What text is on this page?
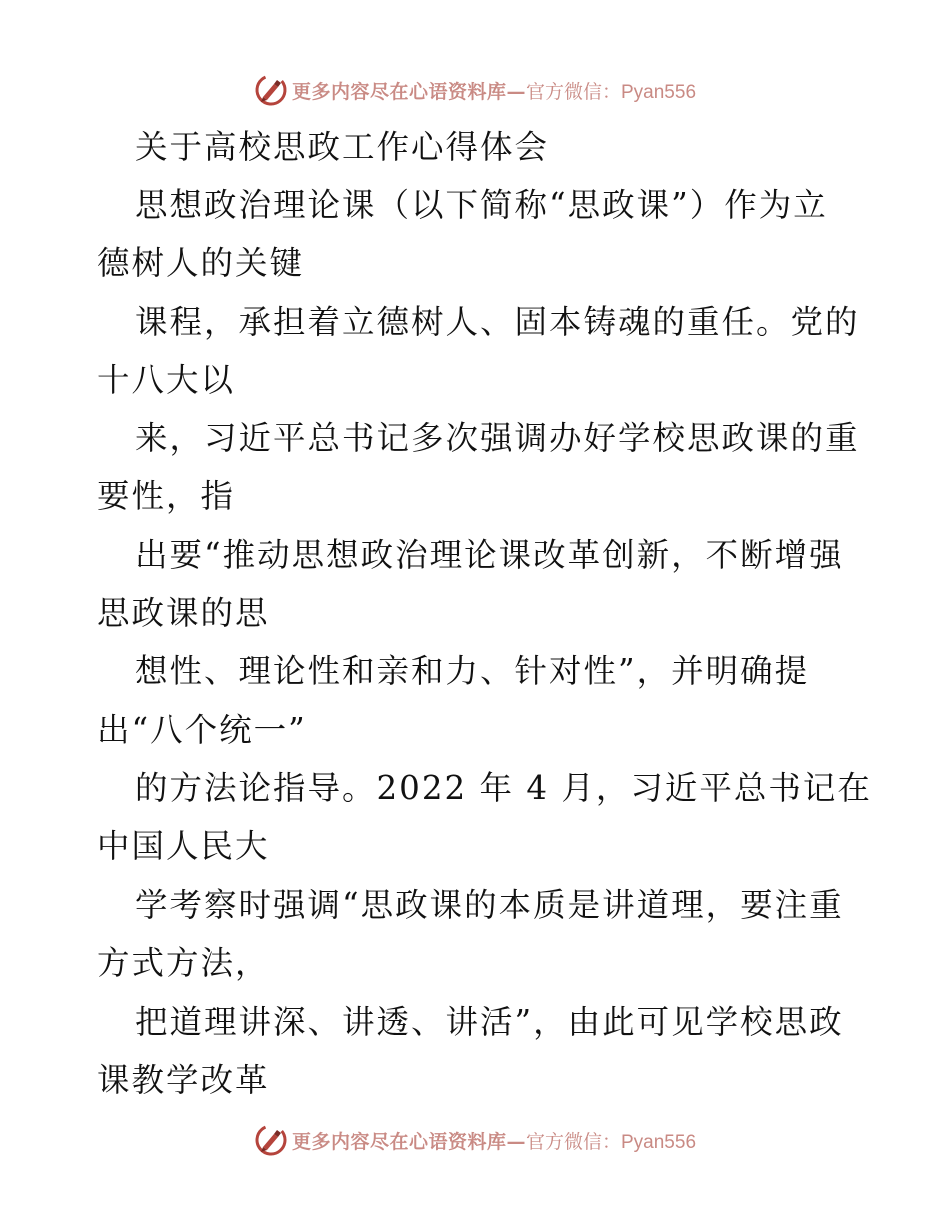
更多内容尽在心语资料库— 官方微信：Pyan556
关于高校思政工作心得体会
思想政治理论课（以下简称“思政课”）作为立
德树人的关键
课程，承担着立德树人、固本铸魂的重任。党的
十八大以
来，习近平总书记多次强调办好学校思政课的重
要性，指
出要“推动思想政治理论课改革创新，不断增强
思政课的思
想性、理论性和亲和力、针对性”，并明确提
出“八个统一”
的方法论指导。2022 年 4 月，习近平总书记在
中国人民大
学考察时强调“思政课的本质是讲道理，要注重
方式方法，
把道理讲深、讲透、讲活”，由此可见学校思政
课教学改革
更多内容尽在心语资料库— 官方微信：Pyan556
